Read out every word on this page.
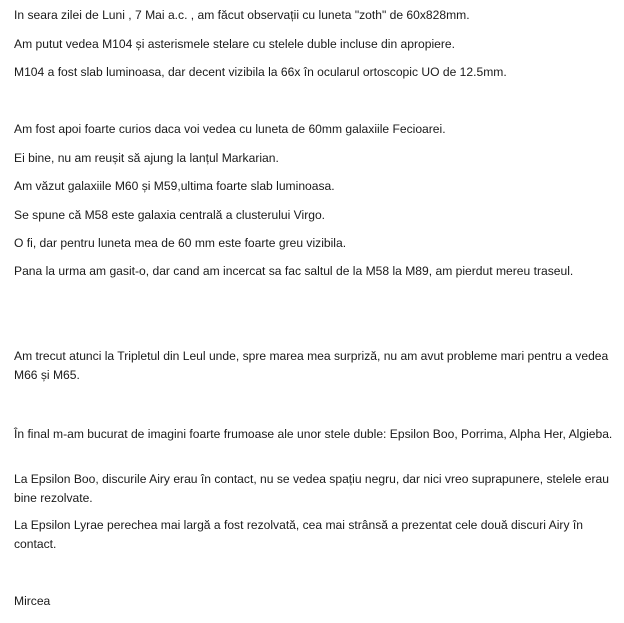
In seara zilei de Luni , 7 Mai a.c. , am făcut observații cu luneta "zoth" de 60x828mm.

Am putut vedea M104 și asterismele stelare cu stelele duble incluse din apropiere.

M104 a fost slab luminoasa, dar decent vizibila la 66x în ocularul ortoscopic UO de 12.5mm.

Am fost apoi foarte curios daca voi vedea cu luneta de 60mm galaxiile Fecioarei.

Ei bine, nu am reușit să ajung la lanțul Markarian.

Am văzut galaxiile M60 și M59,ultima foarte slab luminoasa.

Se spune că M58 este galaxia centrală a clusterului Virgo.

O fi, dar pentru luneta mea de 60 mm este foarte greu vizibila.

Pana la urma am gasit-o, dar cand am incercat sa fac saltul de la M58 la M89, am pierdut mereu traseul.

Am trecut atunci la Tripletul din Leul unde, spre marea mea surpriză, nu am avut probleme mari pentru a vedea M66 și M65.

În final m-am bucurat de imagini foarte frumoase ale unor stele duble: Epsilon Boo, Porrima, Alpha Her, Algieba.

La Epsilon Boo, discurile Airy erau în contact, nu se vedea spațiu negru, dar nici vreo suprapunere, stelele erau bine rezolvate.

La Epsilon Lyrae perechea mai largă a fost rezolvată, cea mai strânsă a prezentat cele două discuri Airy în contact.

Mircea
